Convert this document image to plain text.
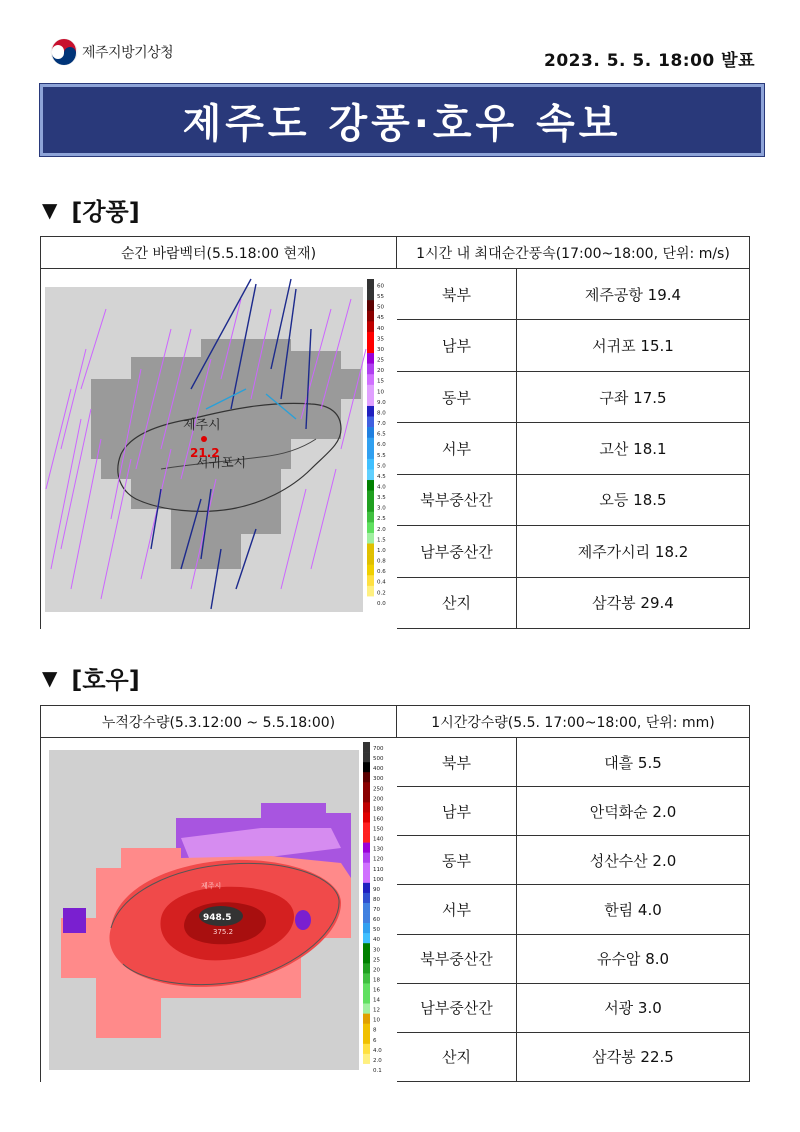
제주지방기상청	2023. 5. 5. 18:00 발표
제주도 강풍·호우 속보
▼ [강풍]
순간 바람벡터(5.5.18:00 현재)
제주시
서귀포시
21.2
60
55
50
45
40
35
30
25
20
15
10
9.0
8.0
7.0
6.5
6.0
5.5
5.0
4.5
4.0
3.5
3.0
2.5
2.0
1.5
1.0
0.8
0.6
0.4
0.2
0.0
1시간 내 최대순간풍속(17:00~18:00, 단위: m/s)
북부	제주공항 19.4
남부	서귀포 15.1
동부	구좌 17.5
서부	고산 18.1
북부중산간	오등 18.5
남부중산간	제주가시리 18.2
산지	삼각봉 29.4
▼ [호우]
누적강수량(5.3.12:00 ~ 5.5.18:00)
948.5
375.2
제주시
700
500
400
300
250
200
180
160
150
140
130
120
110
100
90
80
70
60
50
40
30
25
20
18
16
14
12
10
8
6
4.0
2.0
0.1
1시간강수량(5.5. 17:00~18:00, 단위: mm)
북부	대흘 5.5
남부	안덕화순 2.0
동부	성산수산 2.0
서부	한림 4.0
북부중산간	유수암 8.0
남부중산간	서광 3.0
산지	삼각봉 22.5
